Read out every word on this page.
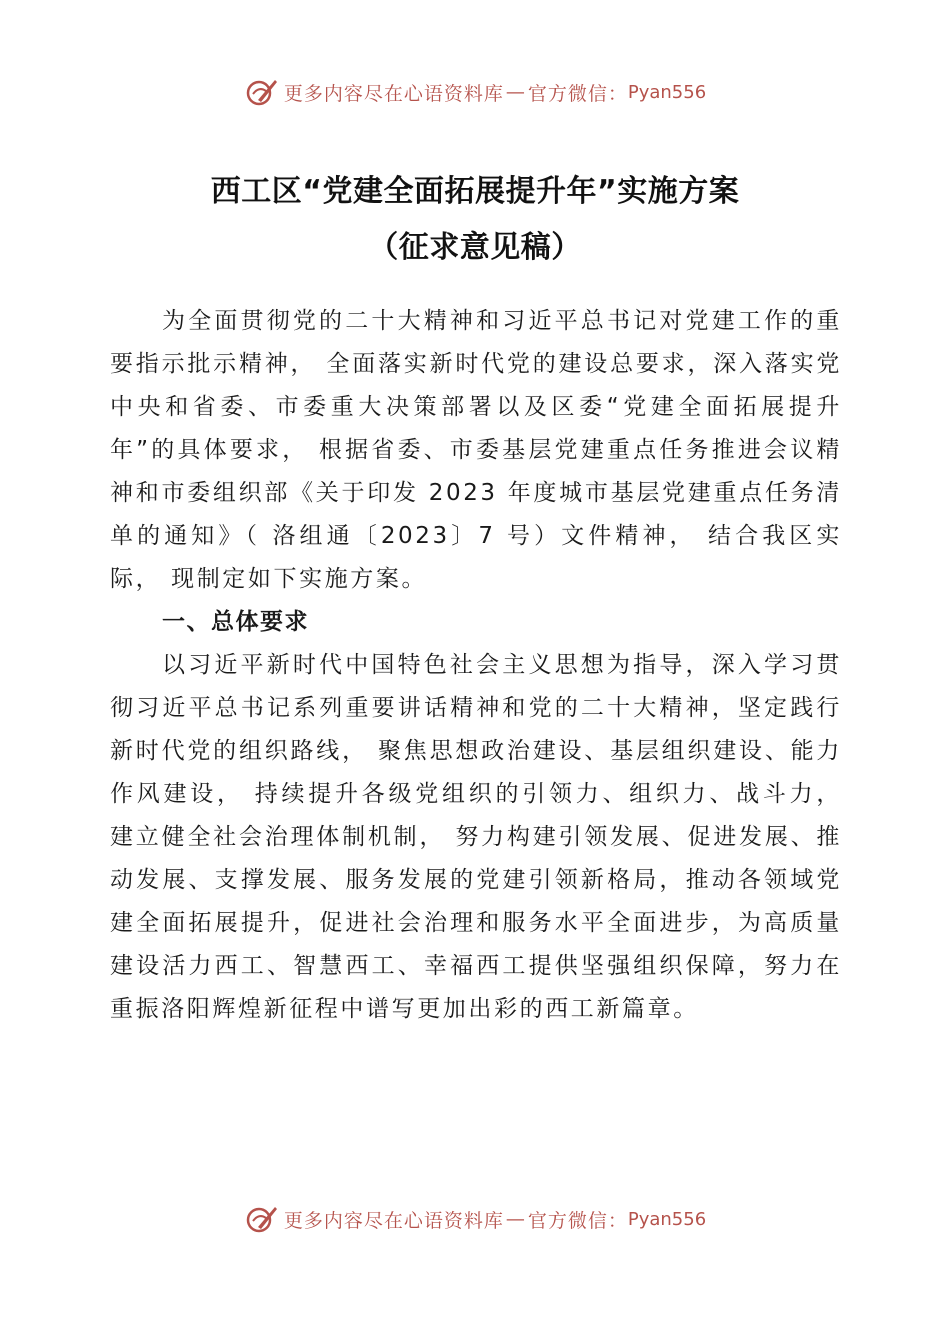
更多内容尽在心语资料库 — 官方微信： Pyan556
西工区“党建全面拓展提升年”实施方案
（征求意见稿）

为全面贯彻党的二十大精神和习近平总书记对党建工作的重要指示批示精神， 全面落实新时代党的建设总要求，深入落实党中央和省委、市委重大决策部署以及区委“党建全面拓展提升年”的具体要求， 根据省委、市委基层党建重点任务推进会议精神和市委组织部《关于印发 2023 年度城市基层党建重点任务清单的通知》（ 洛组通〔2023〕7 号）文件精神， 结合我区实际， 现制定如下实施方案。

一、总体要求

以习近平新时代中国特色社会主义思想为指导，深入学习贯彻习近平总书记系列重要讲话精神和党的二十大精神，坚定践行新时代党的组织路线， 聚焦思想政治建设、基层组织建设、能力作风建设， 持续提升各级党组织的引领力、组织力、战斗力， 建立健全社会治理体制机制， 努力构建引领发展、促进发展、推动发展、支撑发展、服务发展的党建引领新格局，推动各领域党建全面拓展提升，促进社会治理和服务水平全面进步，为高质量建设活力西工、智慧西工、幸福西工提供坚强组织保障，努力在重振洛阳辉煌新征程中谱写更加出彩的西工新篇章。

更多内容尽在心语资料库 — 官方微信： Pyan556
